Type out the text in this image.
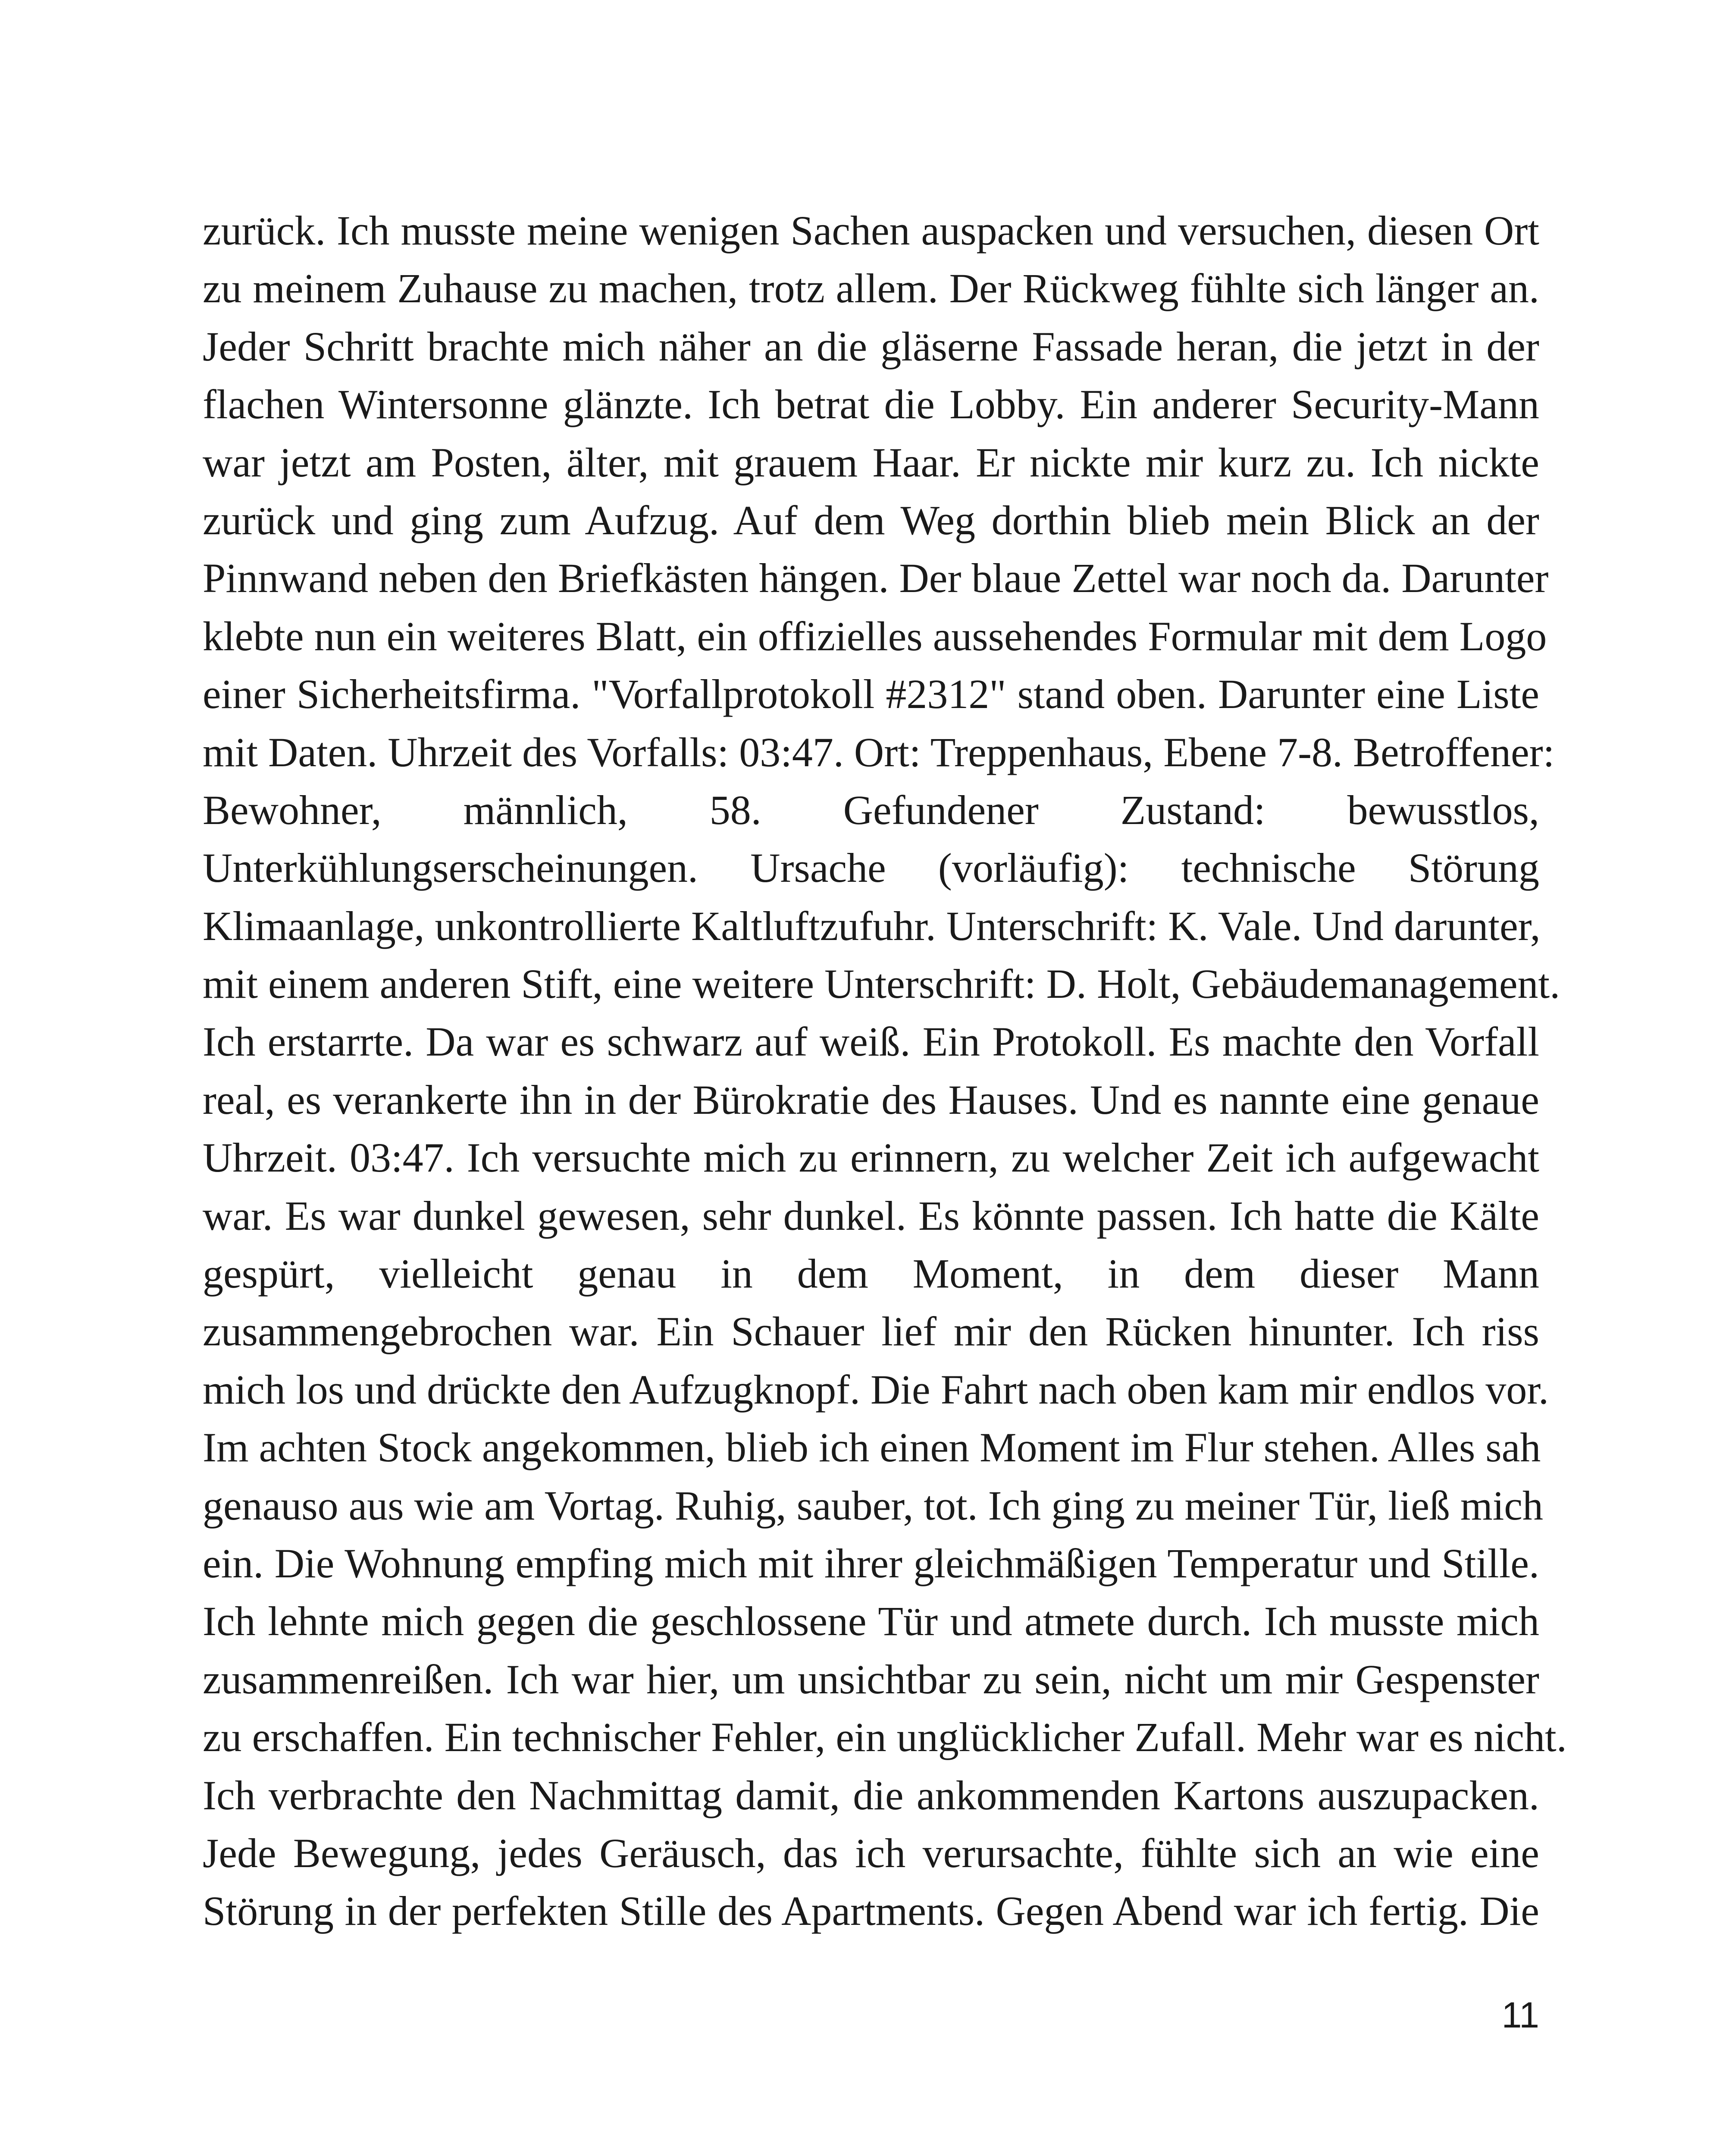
zurück. Ich musste meine wenigen Sachen auspacken und versuchen, diesen Ort
zu meinem Zuhause zu machen, trotz allem. Der Rückweg fühlte sich länger an.
Jeder Schritt brachte mich näher an die gläserne Fassade heran, die jetzt in der
flachen Wintersonne glänzte. Ich betrat die Lobby. Ein anderer Security-Mann
war jetzt am Posten, älter, mit grauem Haar. Er nickte mir kurz zu. Ich nickte
zurück und ging zum Aufzug. Auf dem Weg dorthin blieb mein Blick an der
Pinnwand neben den Briefkästen hängen. Der blaue Zettel war noch da. Darunter
klebte nun ein weiteres Blatt, ein offizielles aussehendes Formular mit dem Logo
einer Sicherheitsfirma. "Vorfallprotokoll #2312" stand oben. Darunter eine Liste
mit Daten. Uhrzeit des Vorfalls: 03:47. Ort: Treppenhaus, Ebene 7-8. Betroffener:
Bewohner, männlich, 58. Gefundener Zustand: bewusstlos,
Unterkühlungserscheinungen. Ursache (vorläufig): technische Störung
Klimaanlage, unkontrollierte Kaltluftzufuhr. Unterschrift: K. Vale. Und darunter,
mit einem anderen Stift, eine weitere Unterschrift: D. Holt, Gebäudemanagement.
Ich erstarrte. Da war es schwarz auf weiß. Ein Protokoll. Es machte den Vorfall
real, es verankerte ihn in der Bürokratie des Hauses. Und es nannte eine genaue
Uhrzeit. 03:47. Ich versuchte mich zu erinnern, zu welcher Zeit ich aufgewacht
war. Es war dunkel gewesen, sehr dunkel. Es könnte passen. Ich hatte die Kälte
gespürt, vielleicht genau in dem Moment, in dem dieser Mann
zusammengebrochen war. Ein Schauer lief mir den Rücken hinunter. Ich riss
mich los und drückte den Aufzugknopf. Die Fahrt nach oben kam mir endlos vor.
Im achten Stock angekommen, blieb ich einen Moment im Flur stehen. Alles sah
genauso aus wie am Vortag. Ruhig, sauber, tot. Ich ging zu meiner Tür, ließ mich
ein. Die Wohnung empfing mich mit ihrer gleichmäßigen Temperatur und Stille.
Ich lehnte mich gegen die geschlossene Tür und atmete durch. Ich musste mich
zusammenreißen. Ich war hier, um unsichtbar zu sein, nicht um mir Gespenster
zu erschaffen. Ein technischer Fehler, ein unglücklicher Zufall. Mehr war es nicht.
Ich verbrachte den Nachmittag damit, die ankommenden Kartons auszupacken.
Jede Bewegung, jedes Geräusch, das ich verursachte, fühlte sich an wie eine
Störung in der perfekten Stille des Apartments. Gegen Abend war ich fertig. Die
11
